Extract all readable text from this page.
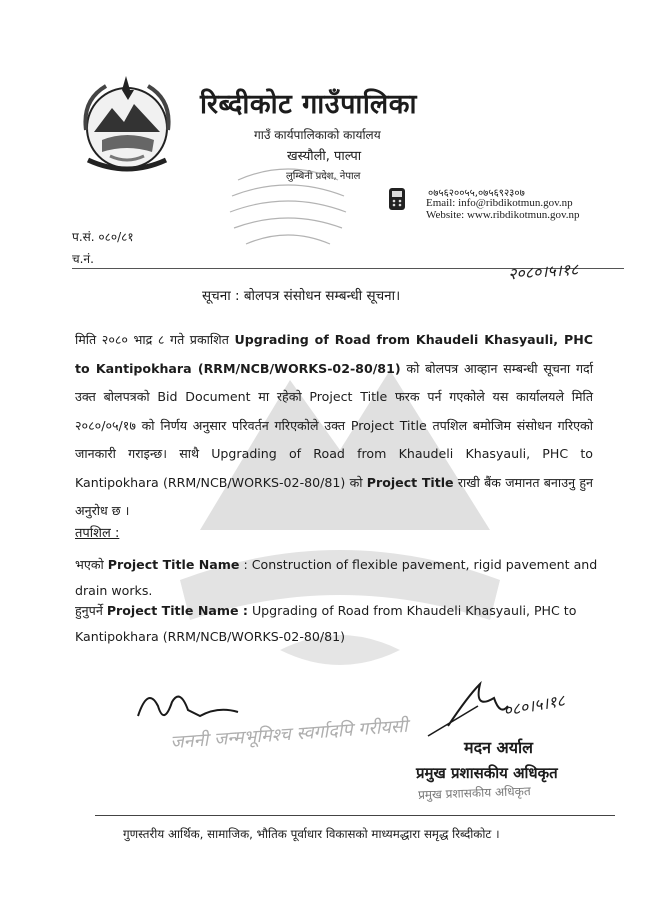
रिब्दीकोट गाउँपालिका
गाउँ कार्यपालिकाको कार्यालय
खस्यौली, पाल्पा
लुम्बिनी प्रदेश, नेपाल
०७५६२००५५,०७५६९२३०७
Email: info@ribdikotmun.gov.np
Website: www.ribdikotmun.gov.np
प.सं. ०८०/८१
च.नं.
२०८०।५।१८
सूचना : बोलपत्र संसोधन सम्बन्धी सूचना।
मिति २०८० भाद्र ८ गते प्रकाशित Upgrading of Road from Khaudeli Khasyauli, PHC to Kantipokhara (RRM/NCB/WORKS-02-80/81) को बोलपत्र आव्हान सम्बन्धी सूचना गर्दा उक्त बोलपत्रको Bid Document मा रहेको Project Title फरक पर्न गएकोले यस कार्यालयले मिति २०८०/०५/१७ को निर्णय अनुसार परिवर्तन गरिएकोले उक्त Project Title तपशिल बमोजिम संसोधन गरिएको जानकारी गराइन्छ। साथै Upgrading of Road from Khaudeli Khasyauli, PHC to Kantipokhara (RRM/NCB/WORKS-02-80/81) को Project Title राखी बैंक जमानत बनाउनु हुन अनुरोध छ ।
तपशिल :
भएको Project Title Name : Construction of flexible pavement, rigid pavement and drain works.
हुनुपर्ने Project Title Name : Upgrading of Road from Khaudeli Khasyauli, PHC to Kantipokhara (RRM/NCB/WORKS-02-80/81)
जननी जन्मभूमिश्च स्वर्गादपि गरीयसी
०८०।५।१८
मदन अर्याल
प्रमुख प्रशासकीय अधिकृत
प्रमुख प्रशासकीय अधिकृत
गुणस्तरीय आर्थिक, सामाजिक, भौतिक पूर्वाधार विकासको माध्यमद्धारा समृद्ध रिब्दीकोट ।
